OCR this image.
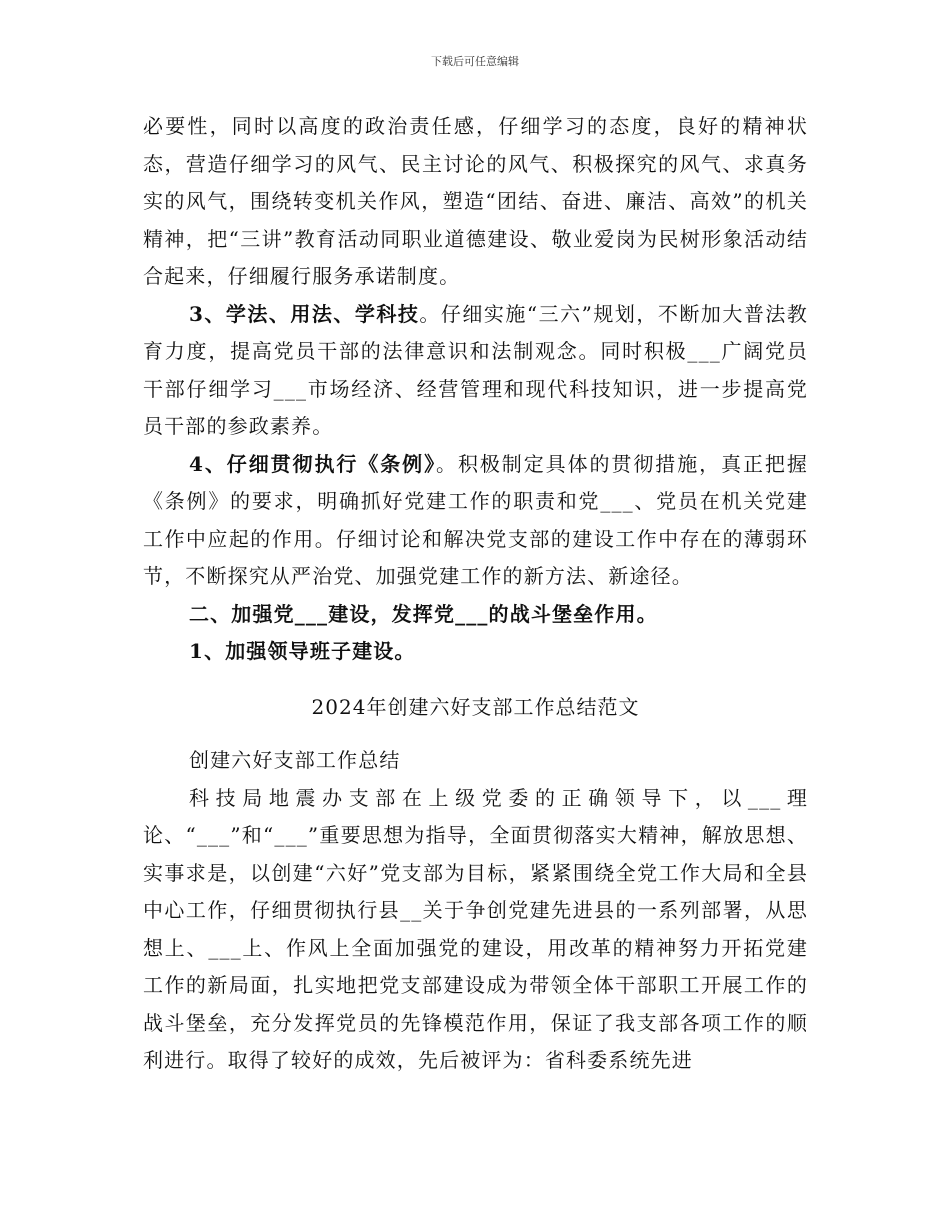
下载后可任意编辑

必要性，同时以高度的政治责任感，仔细学习的态度，良好的精神状态，营造仔细学习的风气、民主讨论的风气、积极探究的风气、求真务实的风气，围绕转变机关作风，塑造“团结、奋进、廉洁、高效”的机关精神，把“三讲”教育活动同职业道德建设、敬业爱岗为民树形象活动结合起来，仔细履行服务承诺制度。

3、学法、用法、学科技。仔细实施“三六”规划，不断加大普法教育力度，提高党员干部的法律意识和法制观念。同时积极___广阔党员干部仔细学习___市场经济、经营管理和现代科技知识，进一步提高党员干部的参政素养。

4、仔细贯彻执行《条例》。积极制定具体的贯彻措施，真正把握《条例》的要求，明确抓好党建工作的职责和党___、党员在机关党建工作中应起的作用。仔细讨论和解决党支部的建设工作中存在的薄弱环节，不断探究从严治党、加强党建工作的新方法、新途径。

二、加强党___建设，发挥党___的战斗堡垒作用。

1、加强领导班子建设。

2024年创建六好支部工作总结范文

创建六好支部工作总结

科技局地震办支部在上级党委的正确领导下，以___理论、“___”和“___”重要思想为指导，全面贯彻落实大精神，解放思想、实事求是，以创建“六好”党支部为目标，紧紧围绕全党工作大局和全县中心工作，仔细贯彻执行县__关于争创党建先进县的一系列部署，从思想上、___上、作风上全面加强党的建设，用改革的精神努力开拓党建工作的新局面，扎实地把党支部建设成为带领全体干部职工开展工作的战斗堡垒，充分发挥党员的先锋模范作用，保证了我支部各项工作的顺利进行。取得了较好的成效，先后被评为：省科委系统先进
